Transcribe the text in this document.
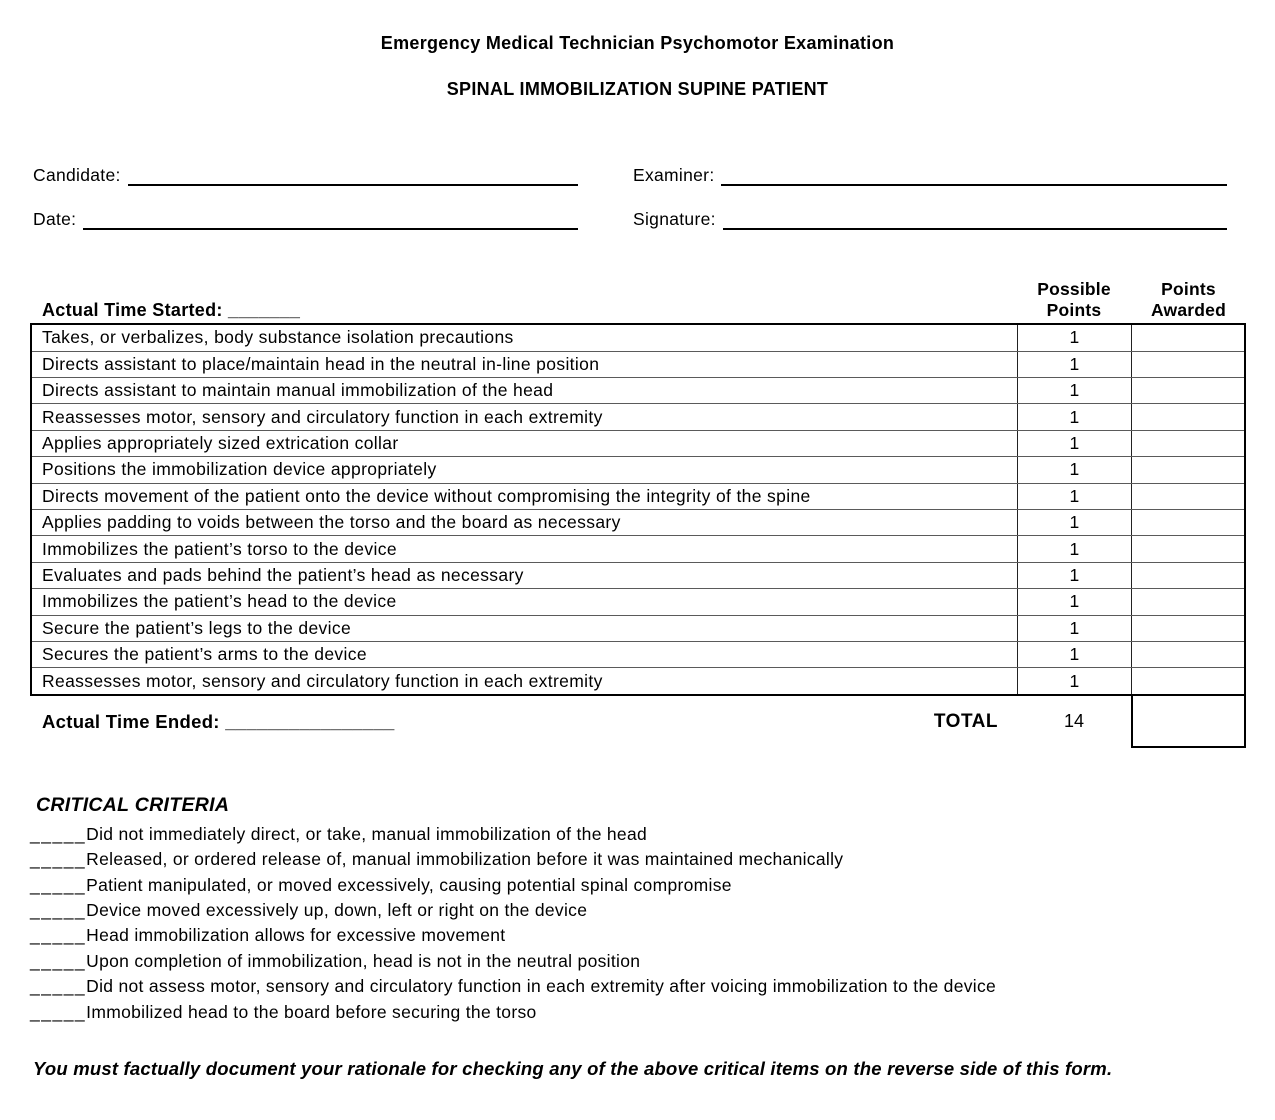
Emergency Medical Technician Psychomotor Examination
SPINAL IMMOBILIZATION SUPINE PATIENT
Candidate:	Examiner:
Date:	Signature:
Actual Time Started: _______
Possible Points
Points Awarded
Takes, or verbalizes, body substance isolation precautions	1
Directs assistant to place/maintain head in the neutral in-line position	1
Directs assistant to maintain manual immobilization of the head	1
Reassesses motor, sensory and circulatory function in each extremity	1
Applies appropriately sized extrication collar	1
Positions the immobilization device appropriately	1
Directs movement of the patient onto the device without compromising the integrity of the spine	1
Applies padding to voids between the torso and the board as necessary	1
Immobilizes the patient’s torso to the device	1
Evaluates and pads behind the patient’s head as necessary	1
Immobilizes the patient’s head to the device	1
Secure the patient’s legs to the device	1
Secures the patient’s arms to the device	1
Reassesses motor, sensory and circulatory function in each extremity	1
Actual Time Ended: ________________	TOTAL	14
CRITICAL CRITERIA
_____Did not immediately direct, or take, manual immobilization of the head
_____Released, or ordered release of, manual immobilization before it was maintained mechanically
_____Patient manipulated, or moved excessively, causing potential spinal compromise
_____Device moved excessively up, down, left or right on the device
_____Head immobilization allows for excessive movement
_____Upon completion of immobilization, head is not in the neutral position
_____Did not assess motor, sensory and circulatory function in each extremity after voicing immobilization to the device
_____Immobilized head to the board before securing the torso
You must factually document your rationale for checking any of the above critical items on the reverse side of this form.
